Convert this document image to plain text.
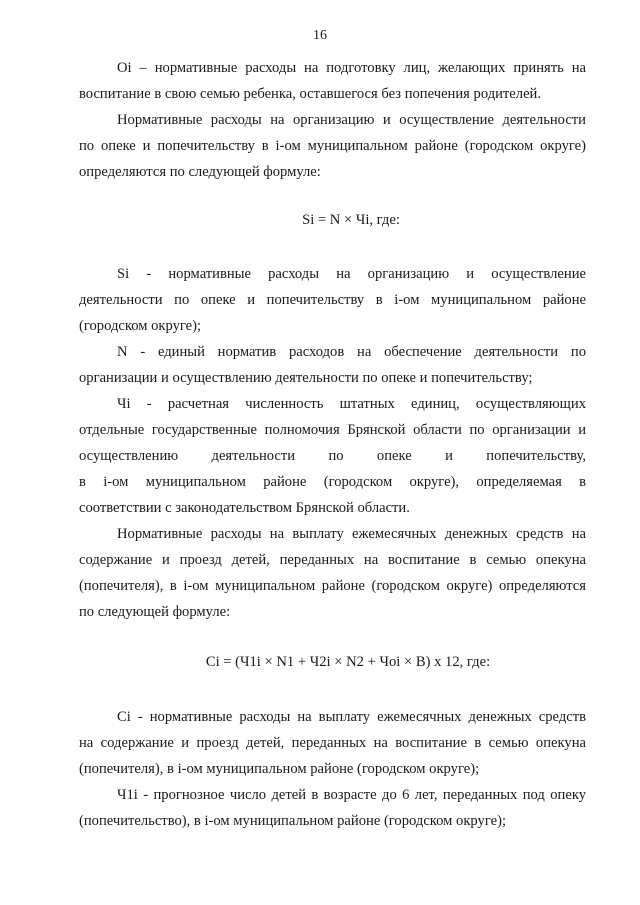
16
Oi – нормативные расходы на подготовку лиц, желающих принять на
воспитание в свою семью ребенка, оставшегося без попечения родителей.
Нормативные расходы на организацию и осуществление деятельности
по опеке и попечительству в i-ом муниципальном районе (городском округе)
определяются по следующей формуле:
Si = N × Чi, где:
Si - нормативные расходы на организацию и осуществление
деятельности по опеке и попечительству в i-ом муниципальном районе
(городском округе);
N - единый норматив расходов на обеспечение деятельности по
организации и осуществлению деятельности по опеке и попечительству;
Чi - расчетная численность штатных единиц, осуществляющих
отдельные государственные полномочия Брянской области по организации и
осуществлению деятельности по опеке и попечительству,
в i-ом муниципальном районе (городском округе), определяемая в
соответствии с законодательством Брянской области.
Нормативные расходы на выплату ежемесячных денежных средств на
содержание и проезд детей, переданных на воспитание в семью опекуна
(попечителя), в i-ом муниципальном районе (городском округе) определяются
по следующей формуле:
Ci = (Ч1i × N1 + Ч2i × N2 + Чоi × B) х 12, где:
Ci - нормативные расходы на выплату ежемесячных денежных средств
на содержание и проезд детей, переданных на воспитание в семью опекуна
(попечителя), в i-ом муниципальном районе (городском округе);
Ч1i - прогнозное число детей в возрасте до 6 лет, переданных под опеку
(попечительство), в i-ом муниципальном районе (городском округе);
